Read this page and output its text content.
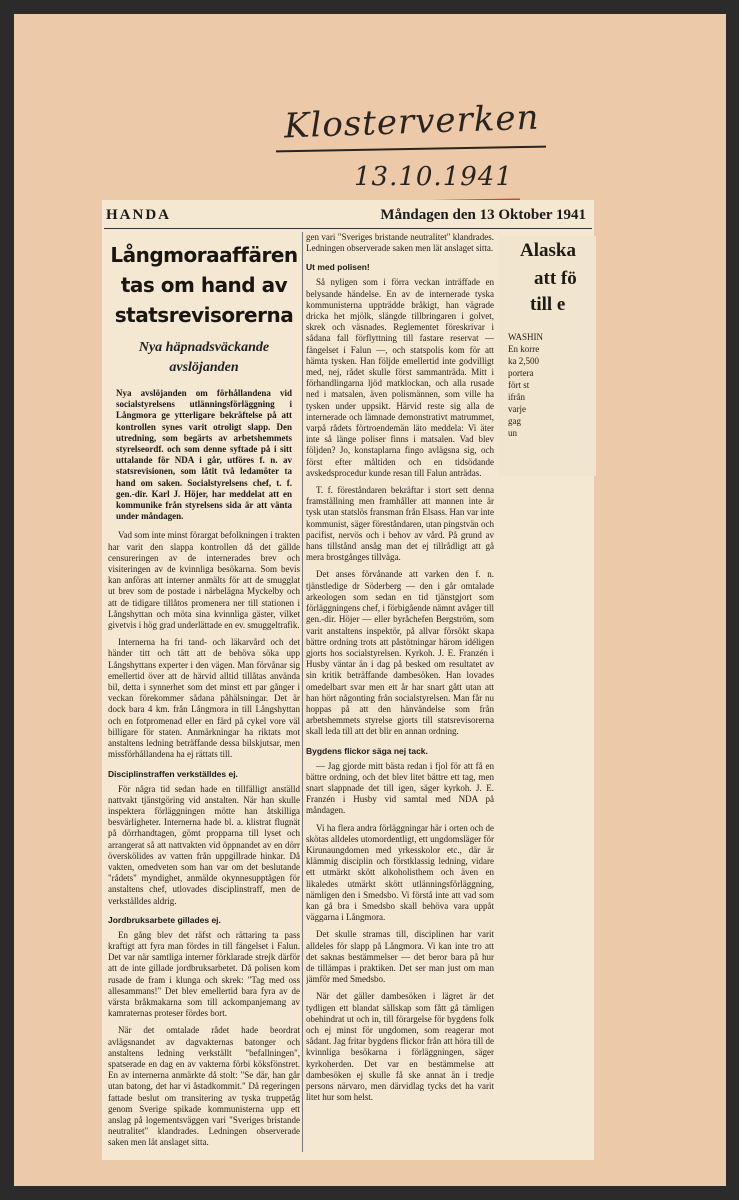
Klosterverken
13.10.1941
Alaska
att fö
till e
WASHIN
En korre
ka 2,500
portera
fört st
ifrån
varje
gag
un
HANDA	Måndagen den 13 Oktober 1941
Långmoraaffären
tas om hand av
statsrevisorerna
Nya häpnadsväckande
avslöjanden

Nya avslöjanden om förhållandena vid socialstyrelsens utlänningsförläggning i Långmora ge ytterligare bekräftelse på att kontrollen synes varit otroligt slapp. Den utredning, som begärts av arbetshemmets styrelseordf. och som denne syftade på i sitt uttalande för NDA i går, utföres f. n. av statsrevisionen, som låtit två ledamöter ta hand om saken. Socialstyrelsens chef, t. f. gen.-dir. Karl J. Höjer, har meddelat att en kommunike från styrelsens sida är att vänta under måndagen.

Vad som inte minst förargat befolkningen i trakten har varit den slappa kontrollen då det gällde censureringen av de internerades brev och visiteringen av de kvinnliga besökarna. Som bevis kan anföras att interner anmälts för att de smugglat ut brev som de postade i närbelägna Myckelby och att de tidigare tillåtos promenera ner till stationen i Långshyttan och möta sina kvinnliga gäster, vilket givetvis i hög grad underlättade en ev. smuggeltrafik.

Internerna ha fri tand- och läkarvård och det händer titt och tätt att de behöva söka upp Långshyttans experter i den vägen. Man förvånar sig emellertid över att de härvid alltid tillåtas använda bil, detta i synnerhet som det minst ett par gånger i veckan förekommer sådana påhälsningar. Det är dock bara 4 km. från Långmora in till Långshyttan och en fotpromenad eller en färd på cykel vore väl billigare för staten. Anmärkningar ha riktats mot anstaltens ledning beträffande dessa bilskjutsar, men missförhållandena ha ej rättats till.

Disciplinstraffen verkställdes ej.

För några tid sedan hade en tillfälligt anställd nattvakt tjänstgöring vid anstalten. När han skulle inspektera förläggningen mötte han åtskilliga besvärligheter. Internerna hade bl. a. klistrat flugnät på dörrhandtagen, gömt propparna till lyset och arrangerat så att nattvakten vid öppnandet av en dörr överskölides av vatten från uppgillrade hinkar. Då vakten, omedveten som han var om det beslutande "rådets" myndighet, anmälde okynnesupptågen för anstaltens chef, utlovades disciplinstraff, men de verkställdes aldrig.

Jordbruksarbete gillades ej.

En gång blev det räfst och rättaring ta pass kraftigt att fyra man fördes in till fängelset i Falun. Det var när samtliga interner förklarade strejk därför att de inte gillade jordbruksarbetet. Då polisen kom rusade de fram i klunga och skrek: "Tag med oss allesammans!" Det blev emellertid bara fyra av de värsta bråkmakarna som till ackompanjemang av kamraternas proteser fördes bort.

När det omtalade rådet hade beordrat avlägsnandet av dagvakternas batonger och anstaltens ledning verkställt "befallningen", spatserade en dag en av vakterna förbi köksfönstret. En av internerna anmärkte då stolt: "Se där, han går utan batong, det har vi åstadkommit." Då regeringen fattade beslut om transitering av tyska truppetåg genom Sverige spikade kommunisterna upp ett anslag på logementsväggen vari "Sveriges bristande neutralitet" klandrades. Ledningen observerade saken men lät anslaget sitta.

gen vari "Sveriges bristande neutralitet" klandrades. Ledningen observerade saken men lät anslaget sitta.

Ut med polisen!

Så nyligen som i förra veckan inträffade en belysande händelse. En av de internerade tyska kommunisterna uppträdde bråkigt, han vägrade dricka het mjölk, slängde tillbringaren i golvet, skrek och väsnades. Reglementet föreskrivar i sådana fall förflyttning till fastare reservat — fängelset i Falun —, och statspolis kom för att hämta tysken. Han följde emellertid inte godvilligt med, nej, rådet skulle först sammanträda. Mitt i förhandlingarna ljöd matklockan, och alla rusade ned i matsalen, även polismännen, som ville ha tysken under uppsikt. Härvid reste sig alla de internerade och lämnade demonstrativt matrummet, varpå rådets förtroendemän läto meddela: Vi äter inte så länge poliser finns i matsalen. Vad blev följden? Jo, konstaplarna fingo avlägsna sig, och först efter måltiden och en tidsödande avskedsprocedur kunde resan till Falun anträdas.

T. f. föreståndaren bekräftar i stort sett denna framställning men framhåller att mannen inte är tysk utan statslös fransman från Elsass. Han var inte kommunist, säger föreståndaren, utan pingstvän och pacifist, nervös och i behov av vård. På grund av hans tillstånd ansåg man det ej tillrådligt att gå mera brostgånges tillväga.

Det anses förvånande att varken den f. n. tjänstledige dr Söderberg — den i går omtalade arkeologen som sedan en tid tjänstgjort som förläggningens chef, i förbigående nämnt avåger till gen.-dir. Höjer — eller byråchefen Bergström, som varit anstaltens inspektör, på allvar försökt skapa bättre ordning trots att påstötningar härom idéligen gjorts hos socialstyrelsen. Kyrkoh. J. E. Franzén i Husby väntar än i dag på besked om resultatet av sin kritik beträffande dambesöken. Han lovades omedelbart svar men ett år har snart gått utan att han hört någonting från socialstyrelsen. Man får nu hoppas på att den hänvändelse som från arbetshemmets styrelse gjorts till statsrevisorerna skall leda till att det blir en annan ordning.

Bygdens flickor säga nej tack.

— Jag gjorde mitt bästa redan i fjol för att få en bättre ordning, och det blev litet bättre ett tag, men snart slappnade det till igen, säger kyrkoh. J. E. Franzén i Husby vid samtal med NDA på måndagen.

Vi ha flera andra förläggningar här i orten och de skötas alldeles utomordentligt, ett ungdomsläger för Kirunaungdomen med yrkesskolor etc., där är klämmig disciplin och förstklassig ledning, vidare ett utmärkt skött alkoholisthem och även en likaledes utmärkt skött utlänningsförläggning, nämligen den i Smedsbo. Vi förstå inte att vad som kan gå bra i Smedsbo skall behöva vara uppåt väggarna i Långmora.

Det skulle stramas till, disciplinen har varit alldeles för slapp på Långmora. Vi kan inte tro att det saknas bestämmelser — det beror bara på hur de tillämpas i praktiken. Det ser man just om man jämför med Smedsbo.

När det gäller dambesöken i lägret är det tydligen ett blandat sällskap som fått gå tämligen obehindrat ut och in, till förargelse för bygdens folk och ej minst för ungdomen, som reagerar mot sådant. Jag fritar bygdens flickor från att höra till de kvinnliga besökarna i förläggningen, säger kyrkoherden. Det var en bestämmelse att dambesöken ej skulle få ske annat än i tredje persons närvaro, men därvidlag tycks det ha varit litet hur som helst.
